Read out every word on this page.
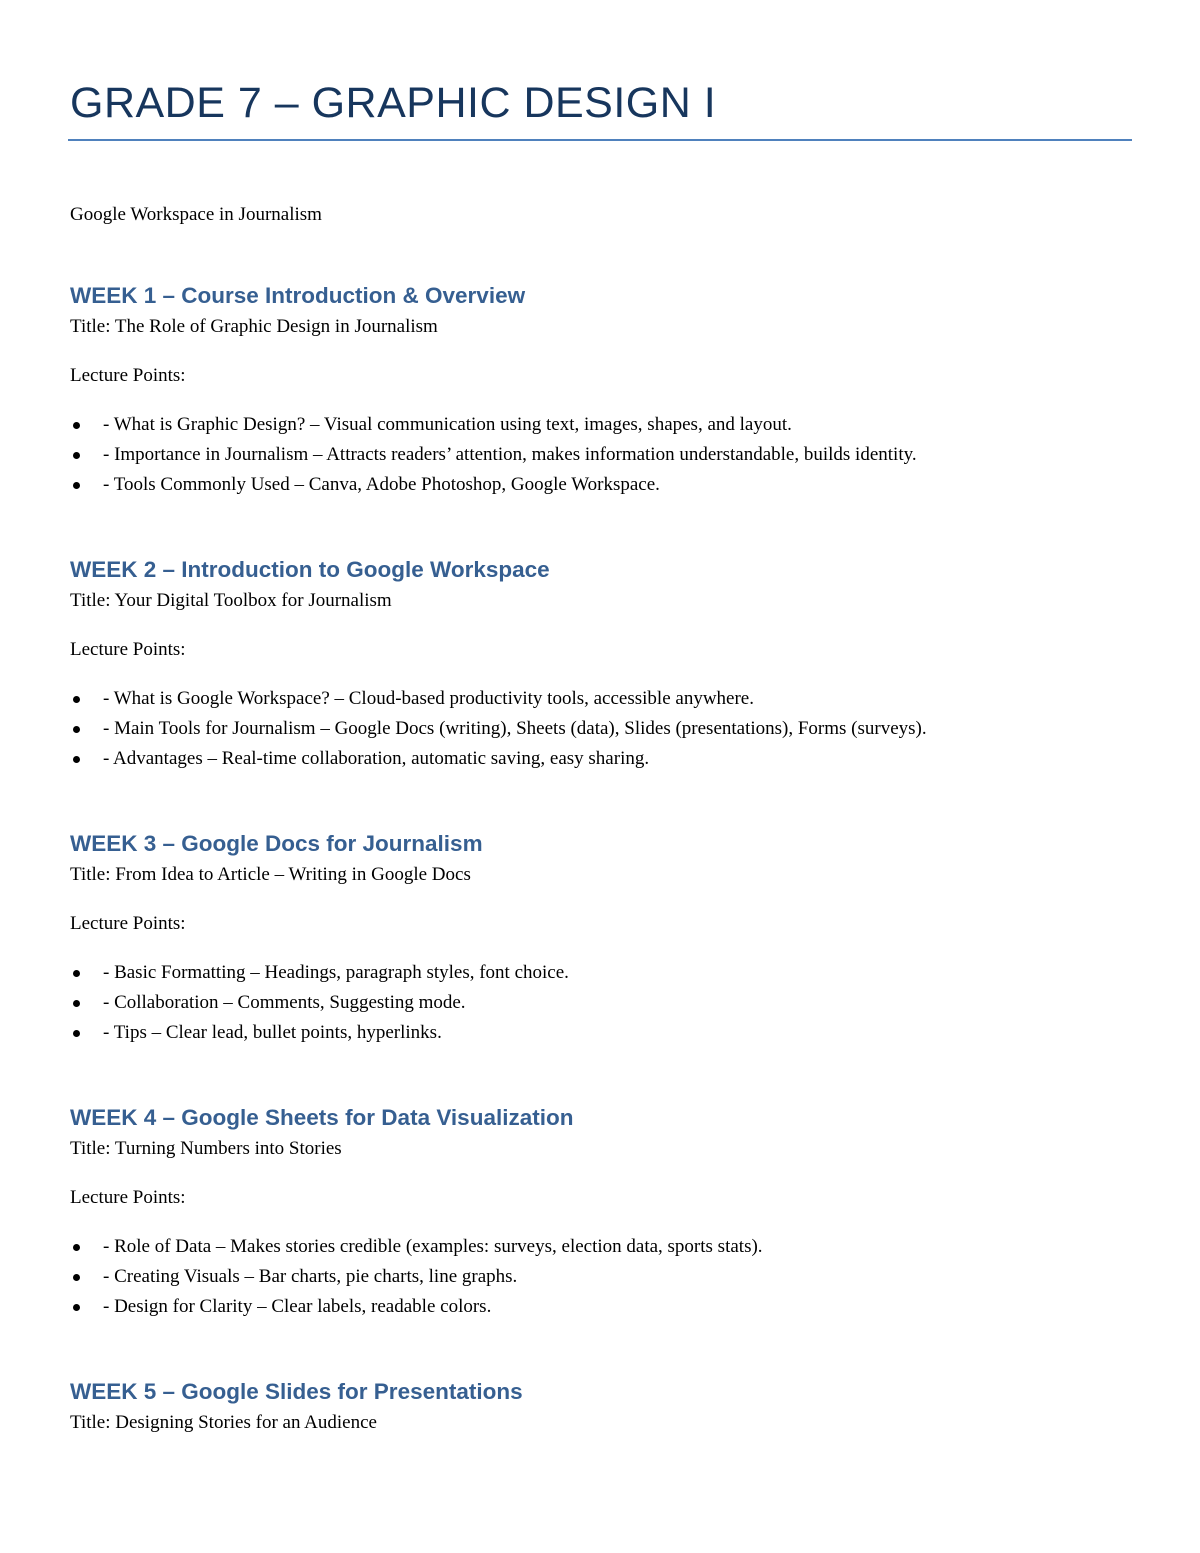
GRADE 7 – GRAPHIC DESIGN I
Google Workspace in Journalism
WEEK 1 – Course Introduction & Overview
Title: The Role of Graphic Design in Journalism
Lecture Points:
- What is Graphic Design? – Visual communication using text, images, shapes, and layout.
- Importance in Journalism – Attracts readers’ attention, makes information understandable, builds identity.
- Tools Commonly Used – Canva, Adobe Photoshop, Google Workspace.
WEEK 2 – Introduction to Google Workspace
Title: Your Digital Toolbox for Journalism
Lecture Points:
- What is Google Workspace? – Cloud-based productivity tools, accessible anywhere.
- Main Tools for Journalism – Google Docs (writing), Sheets (data), Slides (presentations), Forms (surveys).
- Advantages – Real-time collaboration, automatic saving, easy sharing.
WEEK 3 – Google Docs for Journalism
Title: From Idea to Article – Writing in Google Docs
Lecture Points:
- Basic Formatting – Headings, paragraph styles, font choice.
- Collaboration – Comments, Suggesting mode.
- Tips – Clear lead, bullet points, hyperlinks.
WEEK 4 – Google Sheets for Data Visualization
Title: Turning Numbers into Stories
Lecture Points:
- Role of Data – Makes stories credible (examples: surveys, election data, sports stats).
- Creating Visuals – Bar charts, pie charts, line graphs.
- Design for Clarity – Clear labels, readable colors.
WEEK 5 – Google Slides for Presentations
Title: Designing Stories for an Audience
